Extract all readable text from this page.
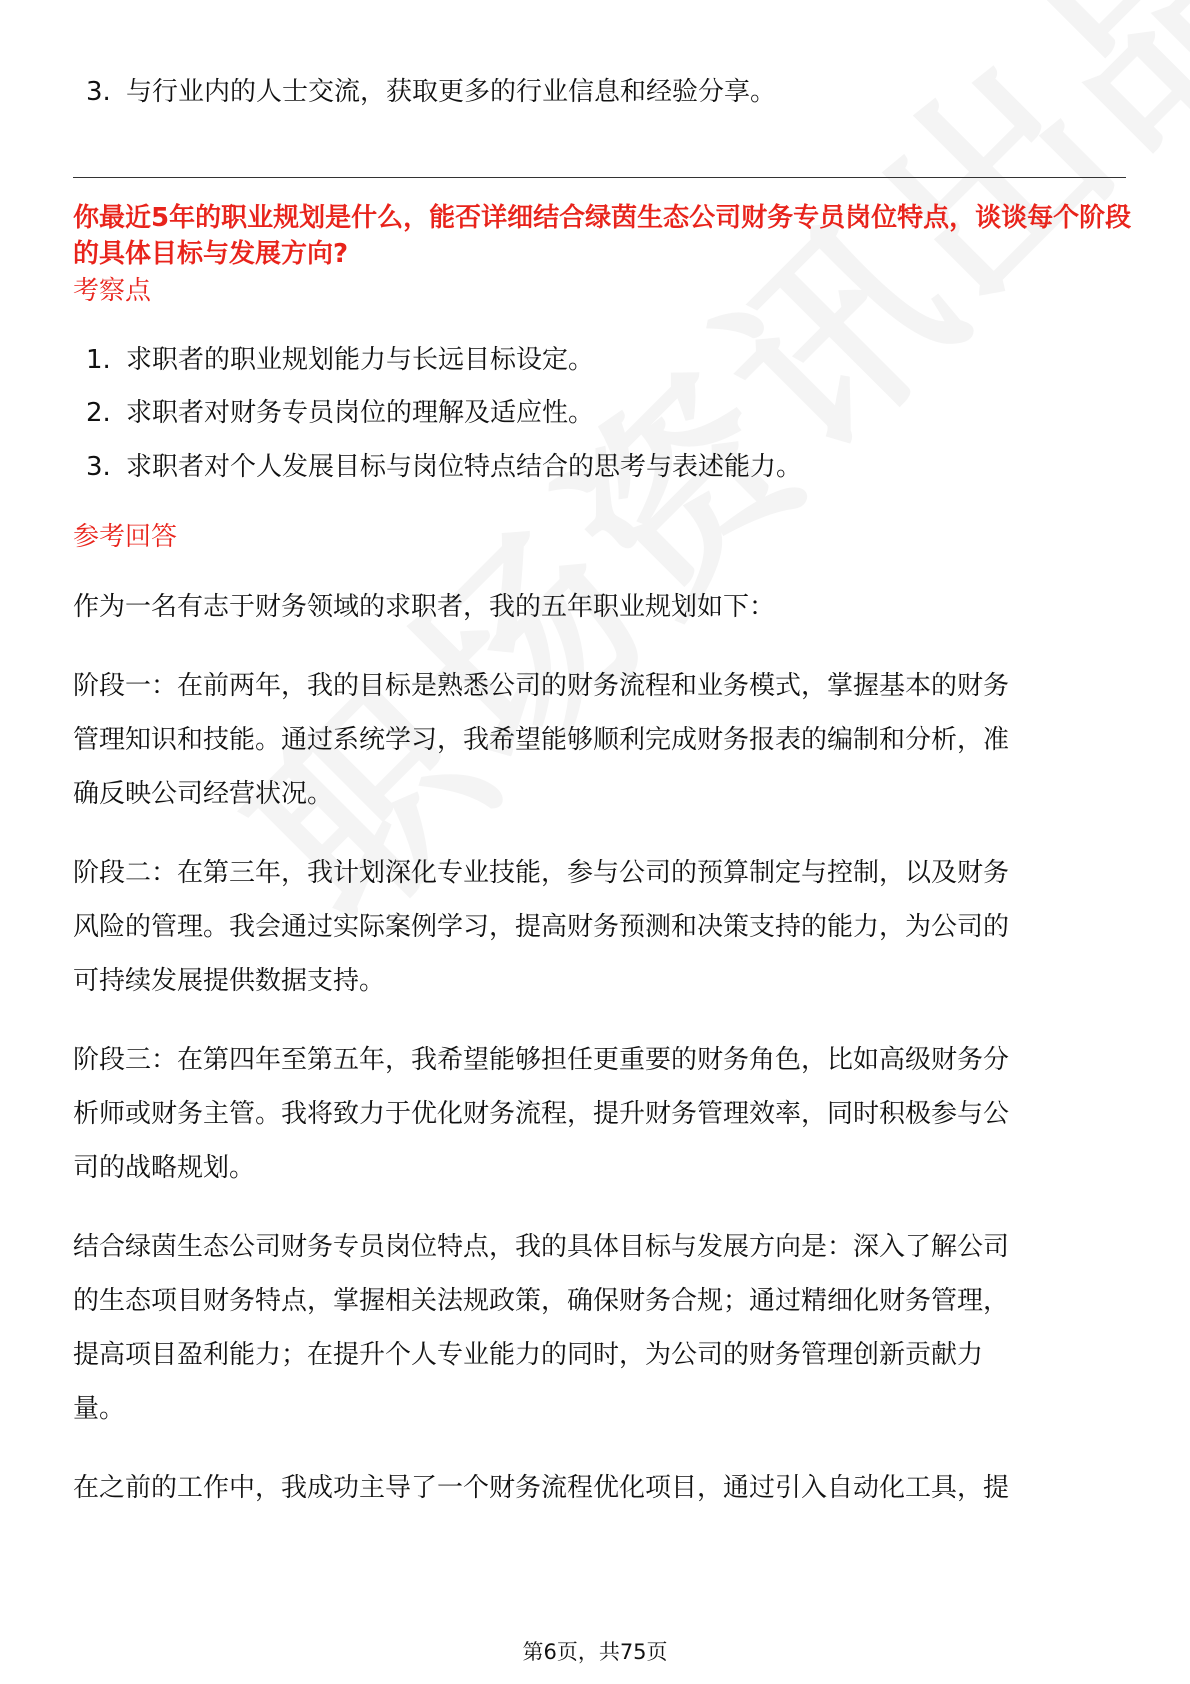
3. 与行业内的人士交流，获取更多的行业信息和经验分享。
你最近5年的职业规划是什么，能否详细结合绿茵生态公司财务专员岗位特点，谈谈每个阶段的具体目标与发展方向?
考察点
1. 求职者的职业规划能力与长远目标设定。
2. 求职者对财务专员岗位的理解及适应性。
3. 求职者对个人发展目标与岗位特点结合的思考与表述能力。
参考回答
作为一名有志于财务领域的求职者，我的五年职业规划如下：
阶段一：在前两年，我的目标是熟悉公司的财务流程和业务模式，掌握基本的财务
管理知识和技能。通过系统学习，我希望能够顺利完成财务报表的编制和分析，准
确反映公司经营状况。
阶段二：在第三年，我计划深化专业技能，参与公司的预算制定与控制，以及财务
风险的管理。我会通过实际案例学习，提高财务预测和决策支持的能力，为公司的
可持续发展提供数据支持。
阶段三：在第四年至第五年，我希望能够担任更重要的财务角色，比如高级财务分
析师或财务主管。我将致力于优化财务流程，提升财务管理效率，同时积极参与公
司的战略规划。
结合绿茵生态公司财务专员岗位特点，我的具体目标与发展方向是：深入了解公司
的生态项目财务特点，掌握相关法规政策，确保财务合规；通过精细化财务管理，
提高项目盈利能力；在提升个人专业能力的同时，为公司的财务管理创新贡献力
量。
在之前的工作中，我成功主导了一个财务流程优化项目，通过引入自动化工具，提
第6页，共75页
